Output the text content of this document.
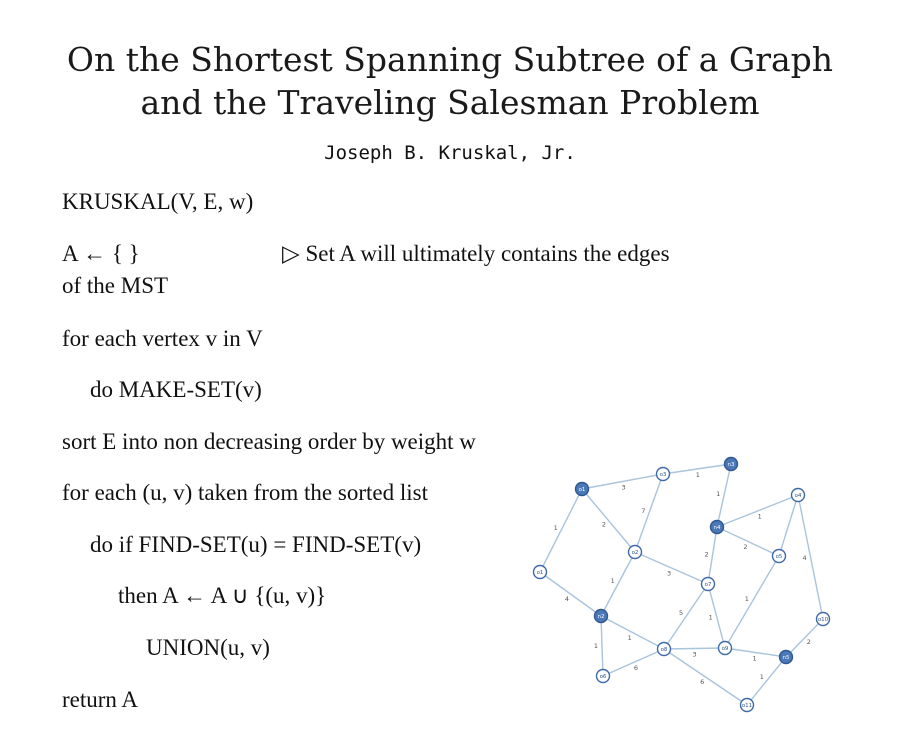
On the Shortest Spanning Subtree of a Graph
and the Traveling Salesman Problem
Joseph B. Kruskal, Jr.
KRUSKAL(V, E, w)
A ← { }	▷ Set A will ultimately contains the edges
of the MST
for each vertex v in V
do MAKE-SET(v)
sort E into non decreasing order by weight w
for each (u, v) taken from the sorted list
do if FIND-SET(u) = FIND-SET(v)
then A ← A ∪ {(u, v)}
UNION(u, v)
return A
3
1
2
1
7
1
1
2
2	4
3
1
4
5
1
1
1
1
6
3
6
1
2
1
o1
o3
n3
o4
n4
o2
o5
o1
o7
n2	o10
o8	o9
n5
o6
o11
